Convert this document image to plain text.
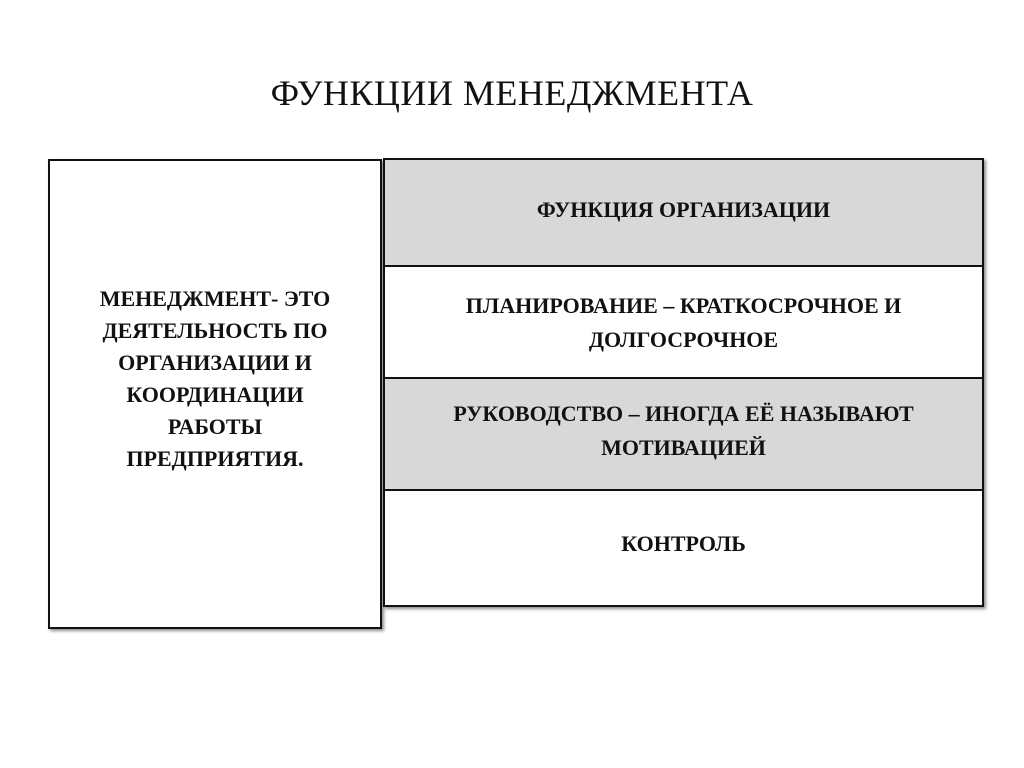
ФУНКЦИИ МЕНЕДЖМЕНТА
МЕНЕДЖМЕНТ- ЭТО
ДЕЯТЕЛЬНОСТЬ ПО
ОРГАНИЗАЦИИ И
КООРДИНАЦИИ
РАБОТЫ
ПРЕДПРИЯТИЯ.
ФУНКЦИЯ ОРГАНИЗАЦИИ
ПЛАНИРОВАНИЕ – КРАТКОСРОЧНОЕ И
ДОЛГОСРОЧНОЕ
РУКОВОДСТВО – ИНОГДА ЕЁ НАЗЫВАЮТ
МОТИВАЦИЕЙ
КОНТРОЛЬ
